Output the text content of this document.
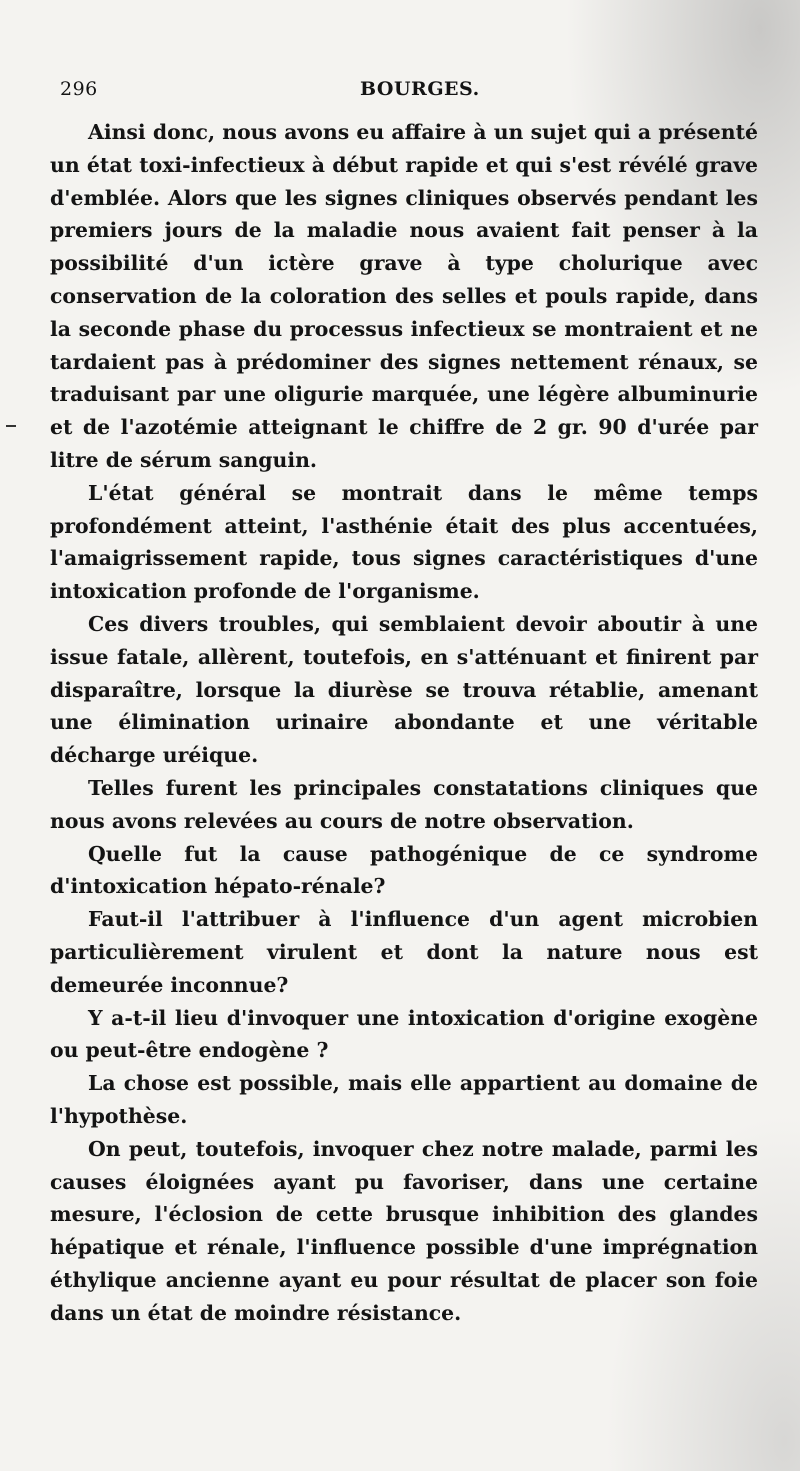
296	BOURGES.

Ainsi donc, nous avons eu affaire à un sujet qui a présenté un état toxi-infectieux à début rapide et qui s'est révélé grave d'emblée. Alors que les signes cliniques observés pendant les premiers jours de la maladie nous avaient fait penser à la possibilité d'un ictère grave à type cholurique avec conservation de la coloration des selles et pouls rapide, dans la seconde phase du processus infectieux se montraient et ne tardaient pas à prédominer des signes nettement rénaux, se traduisant par une oligurie marquée, une légère albuminurie et de l'azotémie atteignant le chiffre de 2 gr. 90 d'urée par litre de sérum sanguin.

L'état général se montrait dans le même temps profondément atteint, l'asthénie était des plus accentuées, l'amaigrissement rapide, tous signes caractéristiques d'une intoxication profonde de l'organisme.

Ces divers troubles, qui semblaient devoir aboutir à une issue fatale, allèrent, toutefois, en s'atténuant et finirent par disparaître, lorsque la diurèse se trouva rétablie, amenant une élimination urinaire abondante et une véritable décharge uréique.

Telles furent les principales constatations cliniques que nous avons relevées au cours de notre observation.

Quelle fut la cause pathogénique de ce syndrome d'intoxication hépato-rénale?

Faut-il l'attribuer à l'influence d'un agent microbien particulièrement virulent et dont la nature nous est demeurée inconnue?

Y a-t-il lieu d'invoquer une intoxication d'origine exogène ou peut-être endogène ?

La chose est possible, mais elle appartient au domaine de l'hypothèse.

On peut, toutefois, invoquer chez notre malade, parmi les causes éloignées ayant pu favoriser, dans une certaine mesure, l'éclosion de cette brusque inhibition des glandes hépatique et rénale, l'influence possible d'une imprégnation éthylique ancienne ayant eu pour résultat de placer son foie dans un état de moindre résistance.
